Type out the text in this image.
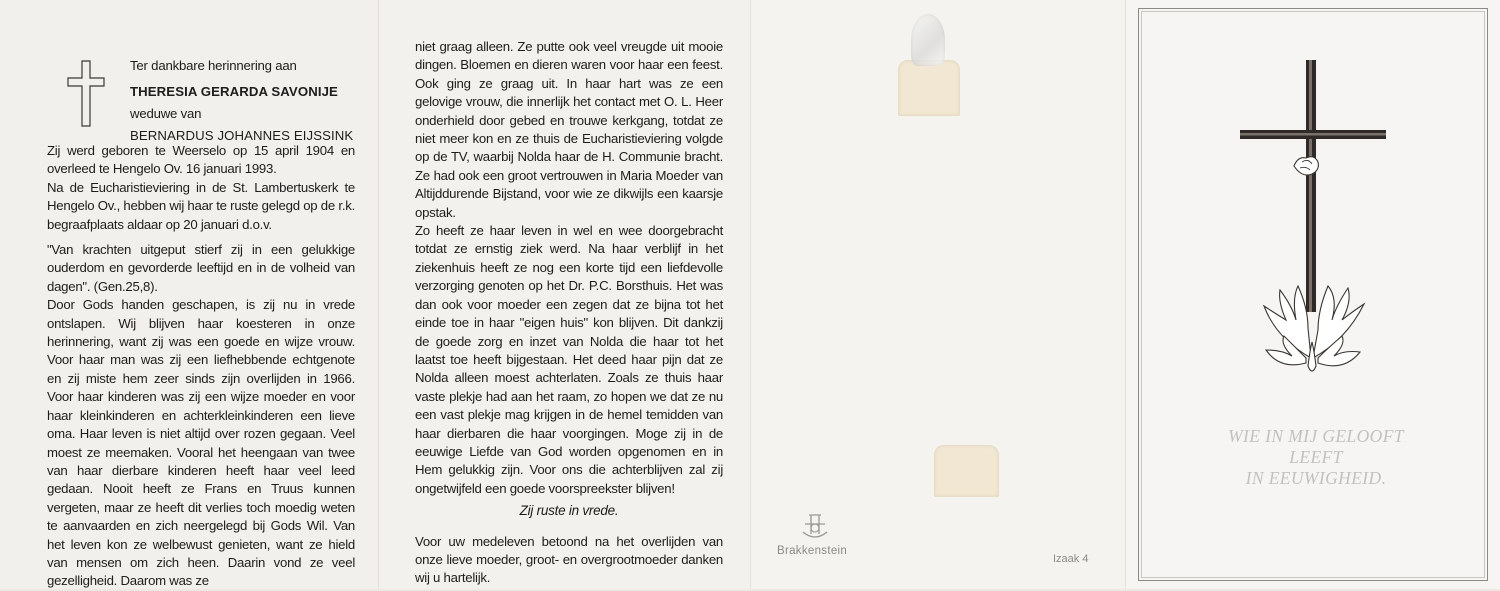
Ter dankbare herinnering aan
THERESIA GERARDA SAVONIJE
weduwe van
BERNARDUS JOHANNES EIJSSINK

Zij werd geboren te Weerselo op 15 april 1904 en overleed te Hengelo Ov. 16 januari 1993.

Na de Eucharistieviering in de St. Lambertuskerk te Hengelo Ov., hebben wij haar te ruste gelegd op de r.k. begraafplaats aldaar op 20 januari d.o.v.

"Van krachten uitgeput stierf zij in een gelukkige ouderdom en gevorderde leeftijd en in de volheid van dagen". (Gen.25,8).

Door Gods handen geschapen, is zij nu in vrede ontslapen. Wij blijven haar koesteren in onze herinnering, want zij was een goede en wijze vrouw. Voor haar man was zij een liefhebbende echtgenote en zij miste hem zeer sinds zijn overlijden in 1966. Voor haar kinderen was zij een wijze moeder en voor haar kleinkinderen en achterkleinkinderen een lieve oma. Haar leven is niet altijd over rozen gegaan. Veel moest ze meemaken. Vooral het heengaan van twee van haar dierbare kinderen heeft haar veel leed gedaan. Nooit heeft ze Frans en Truus kunnen vergeten, maar ze heeft dit verlies toch moedig weten te aanvaarden en zich neergelegd bij Gods Wil. Van het leven kon ze welbewust genieten, want ze hield van mensen om zich heen. Daarin vond ze veel gezelligheid. Daarom was ze

niet graag alleen. Ze putte ook veel vreugde uit mooie dingen. Bloemen en dieren waren voor haar een feest. Ook ging ze graag uit. In haar hart was ze een gelovige vrouw, die innerlijk het contact met O. L. Heer onderhield door gebed en trouwe kerkgang, totdat ze niet meer kon en ze thuis de Eucharistieviering volgde op de TV, waarbij Nolda haar de H. Communie bracht. Ze had ook een groot vertrouwen in Maria Moeder van Altijddurende Bijstand, voor wie ze dikwijls een kaarsje opstak.

Zo heeft ze haar leven in wel en wee doorgebracht totdat ze ernstig ziek werd. Na haar verblijf in het ziekenhuis heeft ze nog een korte tijd een liefdevolle verzorging genoten op het Dr. P.C. Borsthuis. Het was dan ook voor moeder een zegen dat ze bijna tot het einde toe in haar "eigen huis" kon blijven. Dit dankzij de goede zorg en inzet van Nolda die haar tot het laatst toe heeft bijgestaan. Het deed haar pijn dat ze Nolda alleen moest achterlaten. Zoals ze thuis haar vaste plekje had aan het raam, zo hopen we dat ze nu een vast plekje mag krijgen in de hemel temidden van haar dierbaren die haar voorgingen. Moge zij in de eeuwige Liefde van God worden opgenomen en in Hem gelukkig zijn. Voor ons die achterblijven zal zij ongetwijfeld een goede voorspreekster blijven!

Zij ruste in vrede.

Voor uw medeleven betoond na het overlijden van onze lieve moeder, groot- en overgrootmoeder danken wij u hartelijk.

Brakkenstein
Izaak 4
WIE IN MIJ GELOOFT
LEEFT
IN EEUWIGHEID.
